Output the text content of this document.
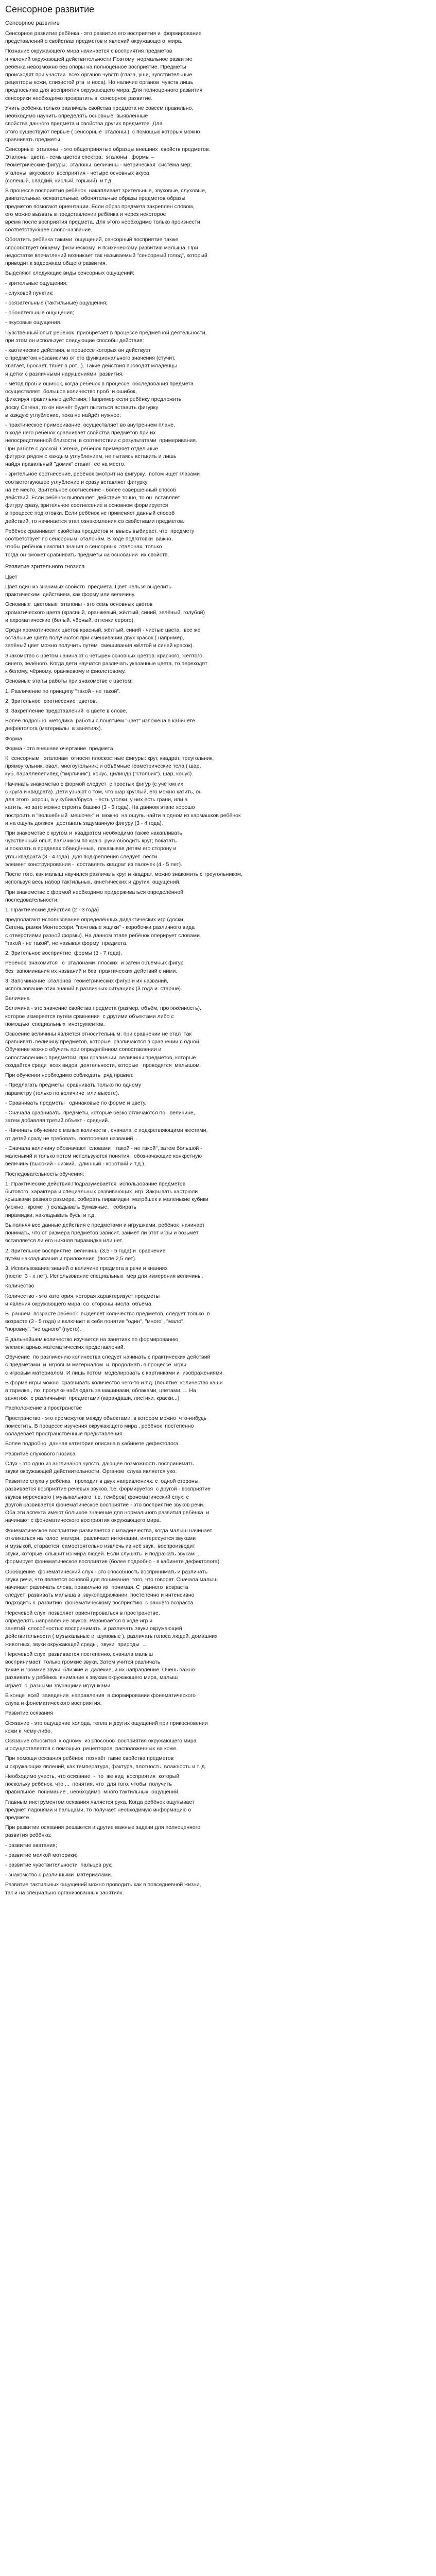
Сенсорное развитие
Сенсорное развитие

Сенсорное развитие ребёнка - это развитие его восприятия и  формирование

представлений о свойствах предметов и явлений окружающего  мира.

Познание окружающего мира начинается с восприятия предметов

и явлений окружающей действительности.Поэтому  нормальное развитие

ребёнка невозможно без опоры на полноценное восприятие. Предметы

происходят при участии  всех органов чувств (глаза, уши, чувствительные

рецепторы кожи, слизистой рта  и носа). Но наличие органов  чувств лишь

предпосылка для восприятия окружающего мира. Для полноценного развития

сенсорики необходимо превратить в  сенсорное развитие.

Учить ребёнка только различать свойства предмета не совсем правильно,

необходимо научить определять основные  выявленные

свойства данного предмета и свойства других предметов. Для

этого существуют первые ( сенсорные  эталоны ), с помощью которых можно

сравнивать предметы.

Сенсорные  эталоны  - это общепринятые образцы внешних  свойств предметов.

Эталоны  цвета - семь цветов спектра;  эталоны   формы –

геометрические фигуры;  эталоны  величины - метрическая  система мер;

эталоны  вкусового  восприятия - четыре основных вкуса

(солёный, сладкий, кислый, горький)  и т.д.

В процессе восприятия ребёнок  накапливает зрительные, звуковые, слуховые,

двигательные, осязательные, обонятельные образы предметов образы

предметов помогают ориентации. Если образ предмета закреплен словом,

его можно вызвать в представлении ребёнка и через некоторое

время после восприятия предмета. Для этого необходимо только произнести

соответствующее слово-название.

Обогатить ребёнка такими  ощущений, сенсорный восприятие также

способствует общему физическому  и психическому развитию малыша. При

недостатке впечатлений возникает так называемый "сенсорный голод", который

приводит к задержкам общего развития.

Выделяют следующие виды сенсорных ощущений:

- зрительные ощущения;

- слуховой пунктик;

- осязательные (тактильные) ощущения;

- обонятельные ощущения;

- вкусовые ощущения.

Чувственный опыт ребёнок  приобретает в процессе предметной деятельности,

при этом он использует следующие способы действия:

- хаотические действия, в процессе которых он действует

с предметом независимо от его функционального значения (стучит,

хватает, бросает, тянет в рот...). Такие действия проводят младенцы

и детки с различными нарушениями  развития;

- метод проб и ошибок, когда ребёнок в процессе  обследования предмета

осуществляет  большое количество проб  и ошибок,

фиксируя правильные действия; Например если ребёнку предложить

доску Сегена, то он начнёт будет пытаться вставить фигурку

в каждую углубление, пока не найдёт нужное;

- практическое примеривание, осуществляет во внутреннем плане,

в ходе него ребёнок сравнивает свойства предметов при их

непосредственной близости  в соответствии с результатами  примеривания.

При работе с доской  Сегена, ребёнок примеряет отдельные

фигурки рядом с каждым углублением, не пытаясь вставить и лишь

найдя правильный "домик" ставит  её на место.

- зрительное соотнесение, ребёнок смотрит на фигурку,  потом ищет глазами

соответствующее углубление и сразу вставляет фигурку

на её место. Зрительное соотнесение - более совершенный способ

действий. Если ребёнок выполняет  действие точно, то он  вставляет

фигуру сразу, зрительное соотнесение в основном формируется

в процессе подготовки. Если ребёнок не применяет данный способ

действий, то начинается этап ознакомления со свойствами предметов.

Ребёнок сравнивает свойства предметов и  ввысь выбирает, что  предмету

соответствует по сенсорным  эталонам. В ходе подготовки  важно,

чтобы ребёнок накопил знания о сенсорных  эталонах, только

тогда он сможет сравнивать предметы на основании  их свойств.

Развитие зрительного гнозиса

Цвет

Цвет один из значимых свойств  предмета. Цвет нельзя выделить

практическим  действием, как форму или величину.

Основные  цветовые  эталоны - это семь основных цветов

хроматического цвета (красный, оранжевый, жёлтый, синий, зелёный, голубой)

и ахроматические (белый, чёрный, оттенки серого).

Среди хроматических цветов красный, жёлтый, синий - чистые цвета,  все же

остальные цвета получаются при смешивании двух красок ( например,

зелёный цвет можно получить путём  смешивания жёлтой и синей красок).

Знакомство с цветом начинают с четырёх основных цветов: красного, жёлтого,

синего, зелёного. Когда дети научатся различать указанные цвета, то переходят

к белому, чёрному, оранжевому и фиолетовому.

Основные этапы работы при знакомстве с цветом:

1. Различение по принципу "такой - не такой".

2. Зрительное  соотнесение  цветов.

3. Закрепление представлений  о цвете в слове.

Более подробно  методика  работы с понятием "цвет" изложена в кабинете

дефектолога (материалы  в занятиях).

Форма

Форма - это внешнее очертание  предмета.

К  сенсорным   эталонам  относят плоскостные фигуры: круг, квадрат, треугольник,

прямоугольник, овал, многоугольник; и объёмные геометрические тела ( шар,

куб, параллелепипед ("кирпичик"), конус, цилиндр ("столбик"), шар, конус).

Начинать знакомство с формой следует  с простых фигур (с учётом их

с круга и квадрата). Дети узнают о том, что шар круглый, его можно катить, он

для этого  хорош, а у кубика/бруса  - есть уголки, у них есть грани, или а

катить, но зато можно строить башню (3 - 5 года). На данном этапе хорошо

построить в "волшебный  мешочек" и  можно  на ощупь найти в одном из кармашков ребёнок

и на ощупь должен  доставать задуманную фигуру (3 - 4 года).

При знакомстве с кругом и  квадратом необходимо также накапливать

чувственный опыт, пальчиком по краю  руки обводить круг; покатать

и показать в пределах обведённые,  показывая детям его сторону и

углы квадрата (3 - 4 года). Для подкрепления следует  вести

элемент конструирования -  составлять квадрат из палочек (4 - 5 лет).

После того, как малыш научился различать круг и квадрат, можно знакомить с треугольником,

используя весь набор тактильных, кинетических и других  ощущений.

При знакомстве с формой необходимо придерживаться определённой

последовательности:

1. Практические действия (2 - 3 года)

предполагают использование определённых дидактических игр (доски

Сегена, рамки Монтессори, "почтовые ящики" - коробочки различного вида

с отверстиями разной формы). На данном этапе ребёнок оперирует словами

"такой - не такой", не называя форму  предмета.

2. Зрительное восприятие  формы (3 - 7 года).

Ребёнок  знакомится   с  эталонами  плоских  и затем объёмных фигур

без  запоминания их названий и без  практических действий с ними.

3. Запоминание  эталонов  геометрических фигур и их названий,

использование этих знаний в различных ситуациях (3 года и  старше).

Величина

Величина - это значение свойства предмета (размер, объём, протяжённость),

которое измеряется путём сравнения  с другими объектами либо с

помощью  специальных  инструментов.

Освоение величины является относительным: при сравнении не стал  так

сравнивать величину предметов, которые  различаются в сравнении с одной.

Обучение можно обучить при определённом сопоставлении и

сопоставлении с предметом, при сравнении  величины предметов, которые

создаётся среди  всех видов  деятельности, которые   проводятся  малышом.

При обучении необходимо соблюдать  ряд правил:

- Предлагать предметы  сравнивать только по одному

параметру (только по величине  или высоте).

- Сравнивать предметы   одинаковые по форме и цвету.

- Сначала сравнивать  предметы, которые резко отличаются по   величине,

затем добавляя третий объект - средний.

- Начинать обучение с малых количеств , сначала  с подкрепляющими жестами,

от детей сразу не требовать  повторения названий  .

- Сначала величину обозначают  словами  "такой - не такой", затем большой -

маленький и только потом используются понятия,  обозначающие конкретную

величину (высокий - низкий,  длинный - короткий и т.д.).

Последовательность обучения:

1. Практические действия.Подразумевается  использование предметов

бытового  характера и специальных развивающих  игр. Закрывать кастрюли

крышками разного размера, собирать пирамидки, матрёшек и маленькие кубики

(можно,  кроме , ) складывать бумажные,   собирать

пирамидки, накладывать бусы и т.д.

Выполняя все данные действия с предметами и игрушками, ребёнок  начинает

понимать, что от размера предметов зависит, займёт ли этот игры и возьмёт

вставляется ли его нижняя пирамидка или нет.

2. Зрительное восприятие  величины (3,5 - 5 года) и  сравнение

путём накладывания и приложения  (после 2,5 лет).

3. Использование знаний о величине предмета в речи и знаниях

(после  3 - х лет). Использование специальных  мер для измерения величины.

Количество

Количество - это категория, которая характеризует предметы

и явления окружающего мира  со  стороны числа, объёма.

В  раннем  возрасте ребёнок  выделяет количество предметов, следует только  в

возрасте (3 - 5 года) и включает в себя понятия "один", "много", "мало",

"поровну", "не одного" (пусто).

В дальнейшем количество изучается на занятиях по формированию

элементарных математических представлений.

Обучение  по различению количества следует начинать с практических действий

с предметами  и  игровым материалом  и  продолжать в процессе  игры

с игровым материалом. И лишь потом  моделировать с картинками и  изображениями.

В форме игры можно  сравнивать количество чего-то и т.д. (понятие: количество каши

в тарелке , по  прогулке наблюдать за машинами, облаками, цветами, ... На

занятиях  с различными  предметами (карандаши, листики, краски...)

Расположение в пространстве

Пространство - это промежуток между объектами, в котором можно  что-нибудь

поместить. В процессе изучения окружающего мира , ребёнок  постепенно

овладевает пространственные представления.

Более подробно  данная категория описана в кабинете дефектолога.

Развитие слухового гнозиса

Слух - это одно из англичанов чувств, дающее возможность воспринимать

звуки окружающей действительности. Органом  слуха является ухо.

Развитие слуха у ребёнка   проходит в двух направлениях: с  одной стороны,

развивается восприятие речевых звуков, т.е. формируется  с другой - восприятие

звуков неречевого ( музыкального  т.е. тембров) фонематический слух; с

другой развивается фонематическое восприятие - это восприятие звуков речи.

Оба эти аспекта имеют большое значение для нормального развития ребёнка  и

начинают с фонематического восприятия окружающего мира.

Фонематическое восприятие развивается с младенчества, когда малыш начинает

откликаться на голос  матери,  различает интонации, интересуется звуками

и музыкой, старается  самостоятельно извлечь из неё звук,  воспроизводит

звуки, которые  слышит из мира людей. Если слушать  и подражать звукам ...

формирует фонематическое восприятие (более подробно - в кабинете дефектолога).

Обобщение  фонематический слух - это способность воспринимать и различать

звуки речи, что является основой для понимания  того, что говорят. Сначала малыш

начинает различать слова, правильно их  понимая. С  раннего  возраста

следует  развивать малыша в  звукоподражании, постепенно и интенсивно

подходить к  развитию  фонематическому восприятию  с раннего возраста.

Неречевой слух  позволяет ориентироваться в пространстве,

определять направление звуков. Развивается в ходе игр и

занятий  способностью воспринимать  и различать звуки окружающей

действительности ( музыкальные и  шумовые ), различать голоса людей, домашних

животных, звуки окружающей среды,  звуки  природы  ...

Неречевой слух  развивается постепенно, сначала малыш

воспринимает  только громкие звуки. Затем учится различать

тихие и громкие звуки, близкие и  далёкие, и их направление. Очень важно

развивать у ребёнка  внимание к звукам окружающего мира, малыш

играет  с  разными звучащими игрушками  ...

В конце  всей  заведения  направления  в формировании фонематического

слуха и фонематического восприятия.

Развитие осязания

Осязание - это ощущение холода, тепла и других ощущений при прикосновении

кожи к  чему-либо.

Осязание относится  к одному  из способов  восприятия окружающего мира

и осуществляется с помощью  рецепторов, расположенных на коже.

При помощи осязания ребёнок  познаёт такие свойства предметов

и окружающих явлений, как температура, фактура, плотность, влажность и т. д.

Необходимо учесть, что осязание  -  то  же вид  восприятия  который

поскольку ребёнок, что ...  понятия, что  для того, чтобы  получить

правильное  понимание , необходимо  много тактильных  ощущений.

Главным инструментом осязания является рука. Когда ребёнок ощупывает

предмет ладонями и пальцами, то получает необходимую информацию о

предмете.

При развитии осязания решаются и другие важные задачи для полноценного

развития ребёнка:

- развитие хватания;

- развитие мелкой моторики;

- развитие чувствительности  пальцев рук;

- знакомство с различными  материалами.

Развитие тактильных ощущений можно проводить как в повседневной жизни,

так и на специально организованных занятиях.
